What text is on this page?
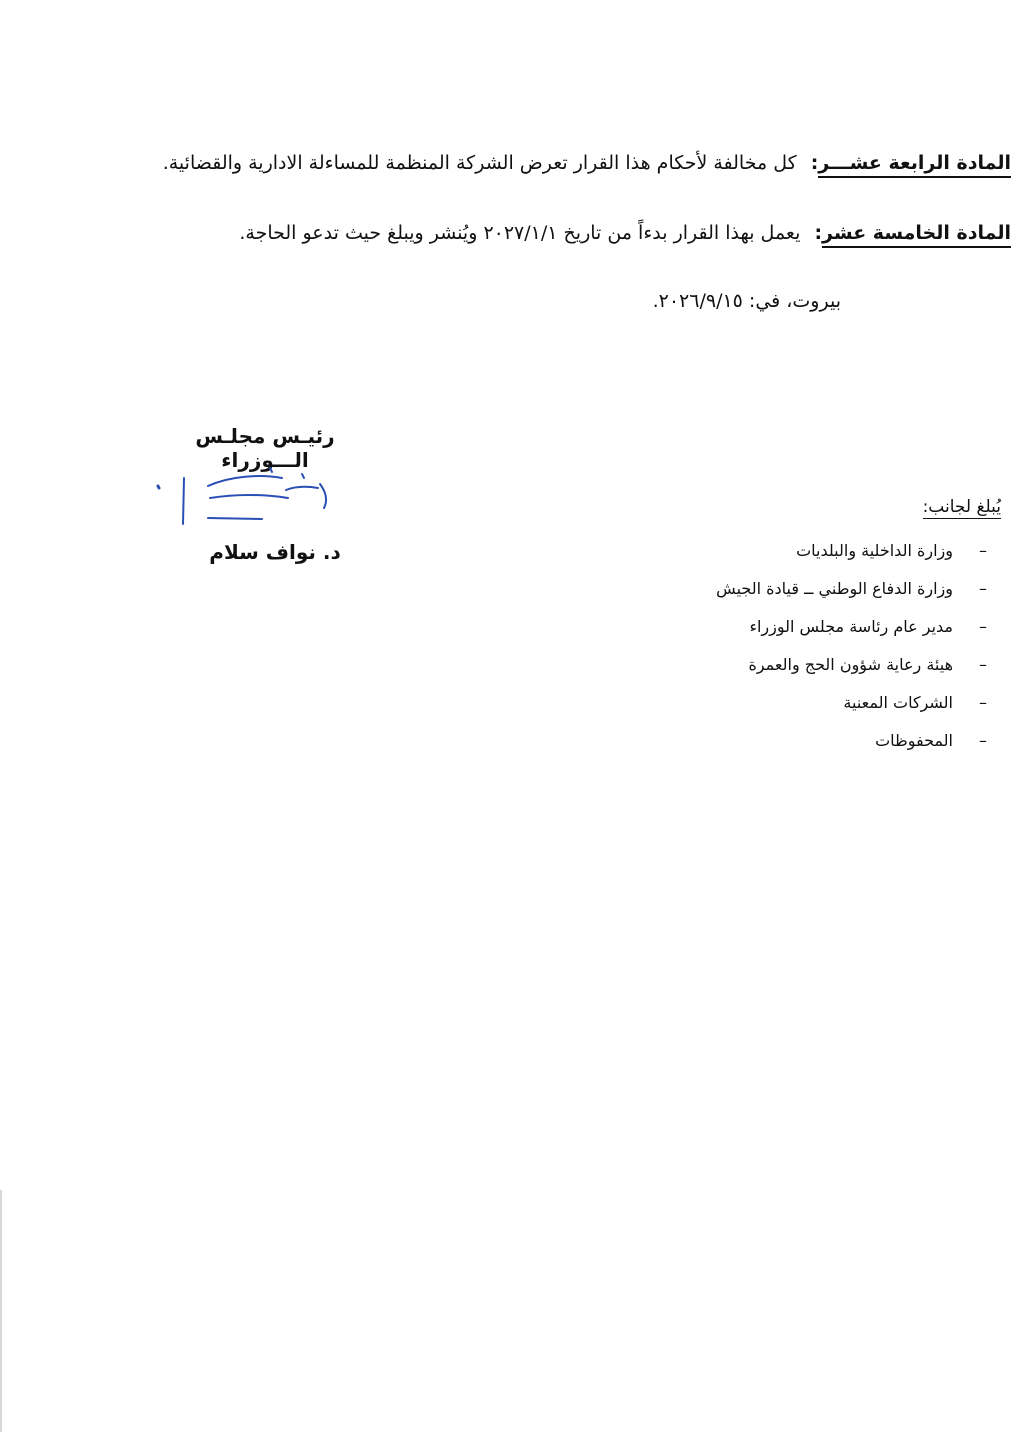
المادة الرابعة عشـــر: كل مخالفة لأحكام هذا القرار تعرض الشركة المنظمة للمساءلة الادارية والقضائية.
المادة الخامسة عشر: يعمل بهذا القرار بدءاً من تاريخ ٢٠٢٧/١/١ ويُنشر ويبلغ حيث تدعو الحاجة.
بيروت، في: ٢٠٢٦/٩/١٥.
رئيـس مجلـس الـــوزراء
د. نواف سلام
يُبلغ لجانب:
–وزارة الداخلية والبلديات
–وزارة الدفاع الوطني ــ قيادة الجيش
–مدير عام رئاسة مجلس الوزراء
–هيئة رعاية شؤون الحج والعمرة
–الشركات المعنية
–المحفوظات
